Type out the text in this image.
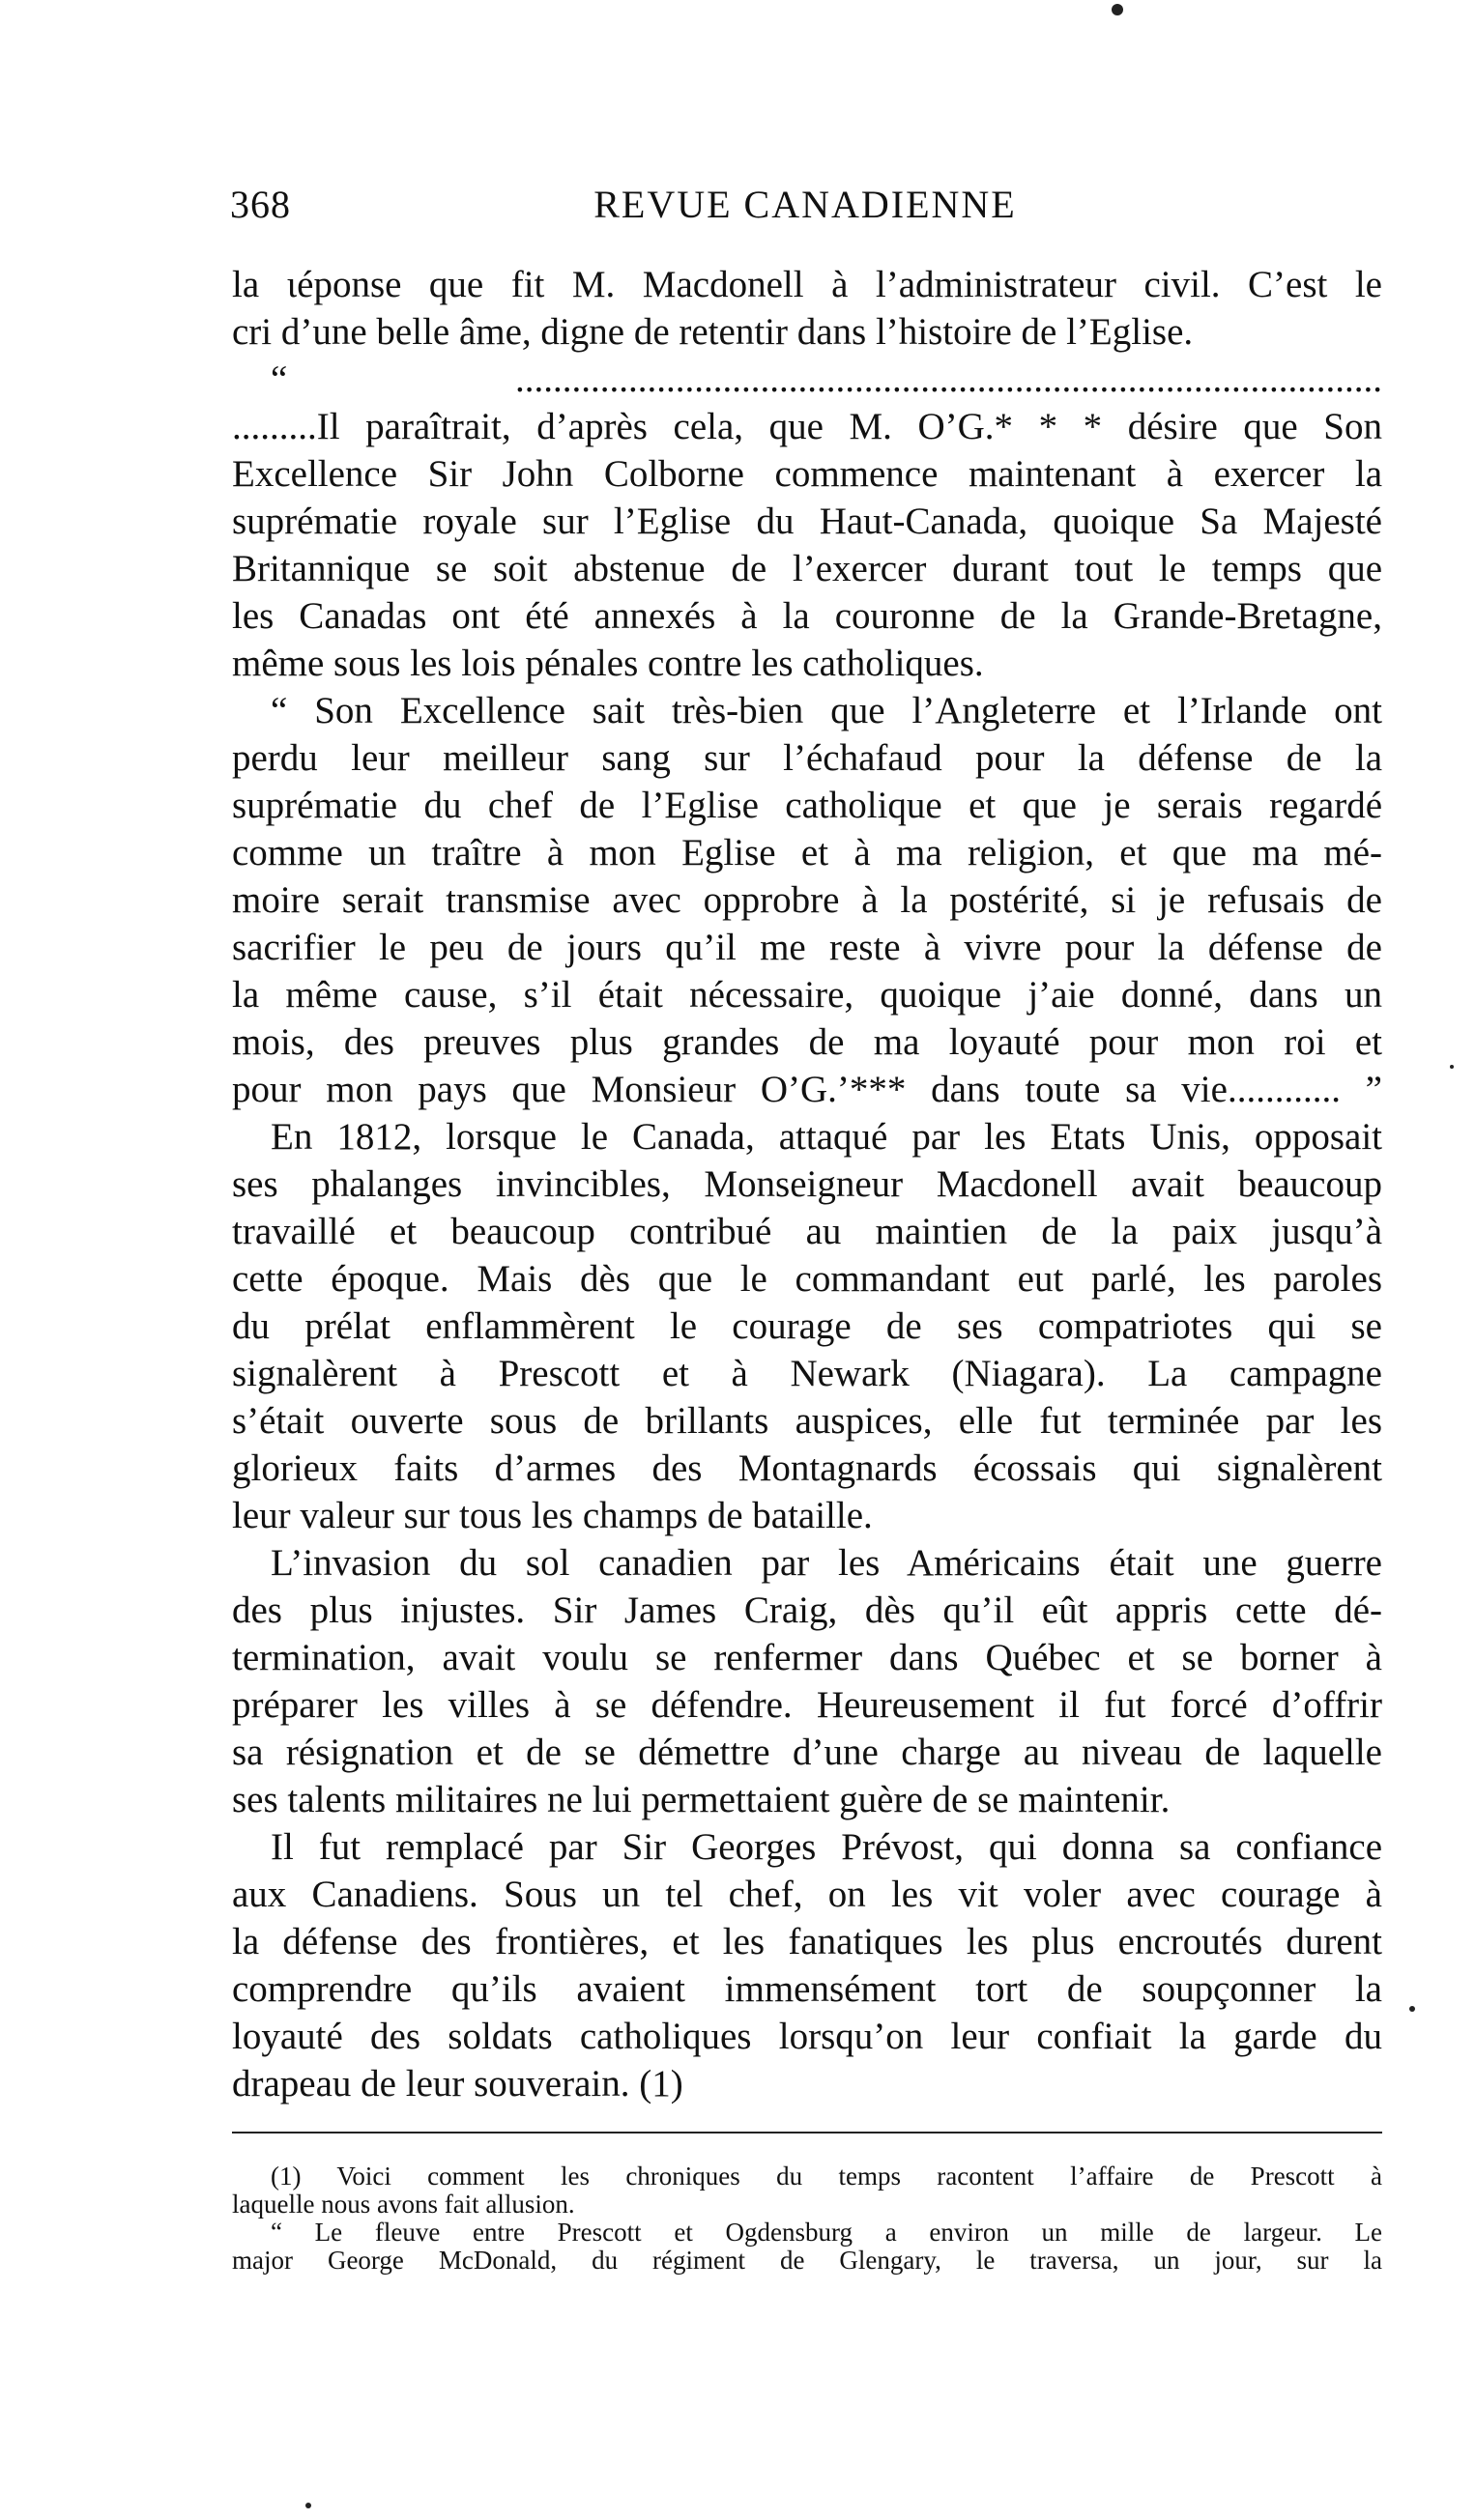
368	REVUE CANADIENNE
la ιéponse que fit M. Macdonell à l’administrateur civil. C’est le
cri d’une belle âme, digne de retentir dans l’histoire de l’Eglise.
“ ............................................................................................
.........Il paraîtrait, d’après cela, que M. O’G.* * * désire que Son
Excellence Sir John Colborne commence maintenant à exercer la
suprématie royale sur l’Eglise du Haut-Canada, quoique Sa Majesté
Britannique se soit abstenue de l’exercer durant tout le temps que
les Canadas ont été annexés à la couronne de la Grande-Bretagne,
même sous les lois pénales contre les catholiques.
“ Son Excellence sait très-bien que l’Angleterre et l’Irlande ont
perdu leur meilleur sang sur l’échafaud pour la défense de la
suprématie du chef de l’Eglise catholique et que je serais regardé
comme un traître à mon Eglise et à ma religion, et que ma mé-
moire serait transmise avec opprobre à la postérité, si je refusais de
sacrifier le peu de jours qu’il me reste à vivre pour la défense de
la même cause, s’il était nécessaire, quoique j’aie donné, dans un
mois, des preuves plus grandes de ma loyauté pour mon roi et
pour mon pays que Monsieur O’G.’*** dans toute sa vie............ ”
En 1812, lorsque le Canada, attaqué par les Etats Unis, opposait
ses phalanges invincibles, Monseigneur Macdonell avait beaucoup
travaillé et beaucoup contribué au maintien de la paix jusqu’à
cette époque. Mais dès que le commandant eut parlé, les paroles
du prélat enflammèrent le courage de ses compatriotes qui se
signalèrent à Prescott et à Newark (Niagara). La campagne
s’était ouverte sous de brillants auspices, elle fut terminée par les
glorieux faits d’armes des Montagnards écossais qui signalèrent
leur valeur sur tous les champs de bataille.
L’invasion du sol canadien par les Américains était une guerre
des plus injustes. Sir James Craig, dès qu’il eût appris cette dé-
termination, avait voulu se renfermer dans Québec et se borner à
préparer les villes à se défendre. Heureusement il fut forcé d’offrir
sa résignation et de se démettre d’une charge au niveau de laquelle
ses talents militaires ne lui permettaient guère de se maintenir.
Il fut remplacé par Sir Georges Prévost, qui donna sa confiance
aux Canadiens. Sous un tel chef, on les vit voler avec courage à
la défense des frontières, et les fanatiques les plus encroutés durent
comprendre qu’ils avaient immensément tort de soupçonner la
loyauté des soldats catholiques lorsqu’on leur confiait la garde du
drapeau de leur souverain. (1)
(1) Voici comment les chroniques du temps racontent l’affaire de Prescott à
laquelle nous avons fait allusion.
“ Le fleuve entre Prescott et Ogdensburg a environ un mille de largeur. Le
major George McDonald, du régiment de Glengary, le traversa, un jour, sur la
